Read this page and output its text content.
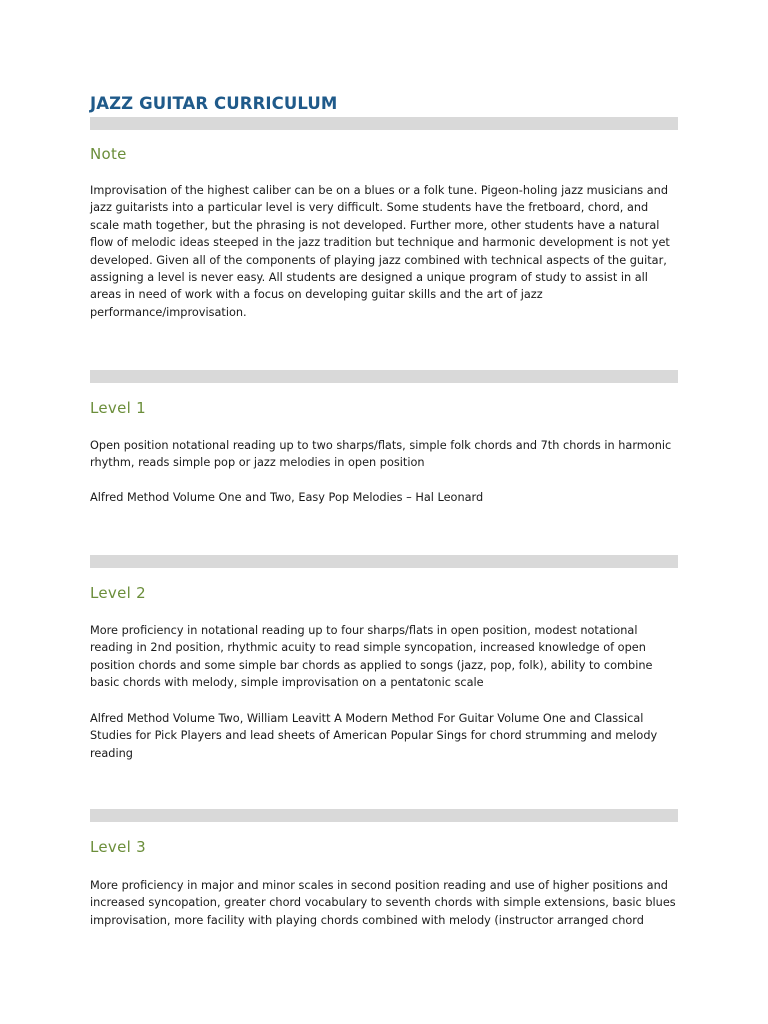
JAZZ GUITAR CURRICULUM
Note

Improvisation of the highest caliber can be on a blues or a folk tune. Pigeon-holing jazz musicians and jazz guitarists into a particular level is very difficult. Some students have the fretboard, chord, and scale math together, but the phrasing is not developed. Further more, other students have a natural flow of melodic ideas steeped in the jazz tradition but technique and harmonic development is not yet developed. Given all of the components of playing jazz combined with technical aspects of the guitar, assigning a level is never easy. All students are designed a unique program of study to assist in all areas in need of work with a focus on developing guitar skills and the art of jazz performance/improvisation.

Level 1

Open position notational reading up to two sharps/flats, simple folk chords and 7th chords in harmonic rhythm, reads simple pop or jazz melodies in open position

Alfred Method Volume One and Two, Easy Pop Melodies – Hal Leonard

Level 2

More proficiency in notational reading up to four sharps/flats in open position, modest notational reading in 2nd position, rhythmic acuity to read simple syncopation, increased knowledge of open position chords and some simple bar chords as applied to songs (jazz, pop, folk), ability to combine basic chords with melody, simple improvisation on a pentatonic scale

Alfred Method Volume Two, William Leavitt A Modern Method For Guitar Volume One and Classical Studies for Pick Players and lead sheets of American Popular Sings for chord strumming and melody reading

Level 3

More proficiency in major and minor scales in second position reading and use of higher positions and increased syncopation, greater chord vocabulary to seventh chords with simple extensions, basic blues improvisation, more facility with playing chords combined with melody (instructor arranged chord
